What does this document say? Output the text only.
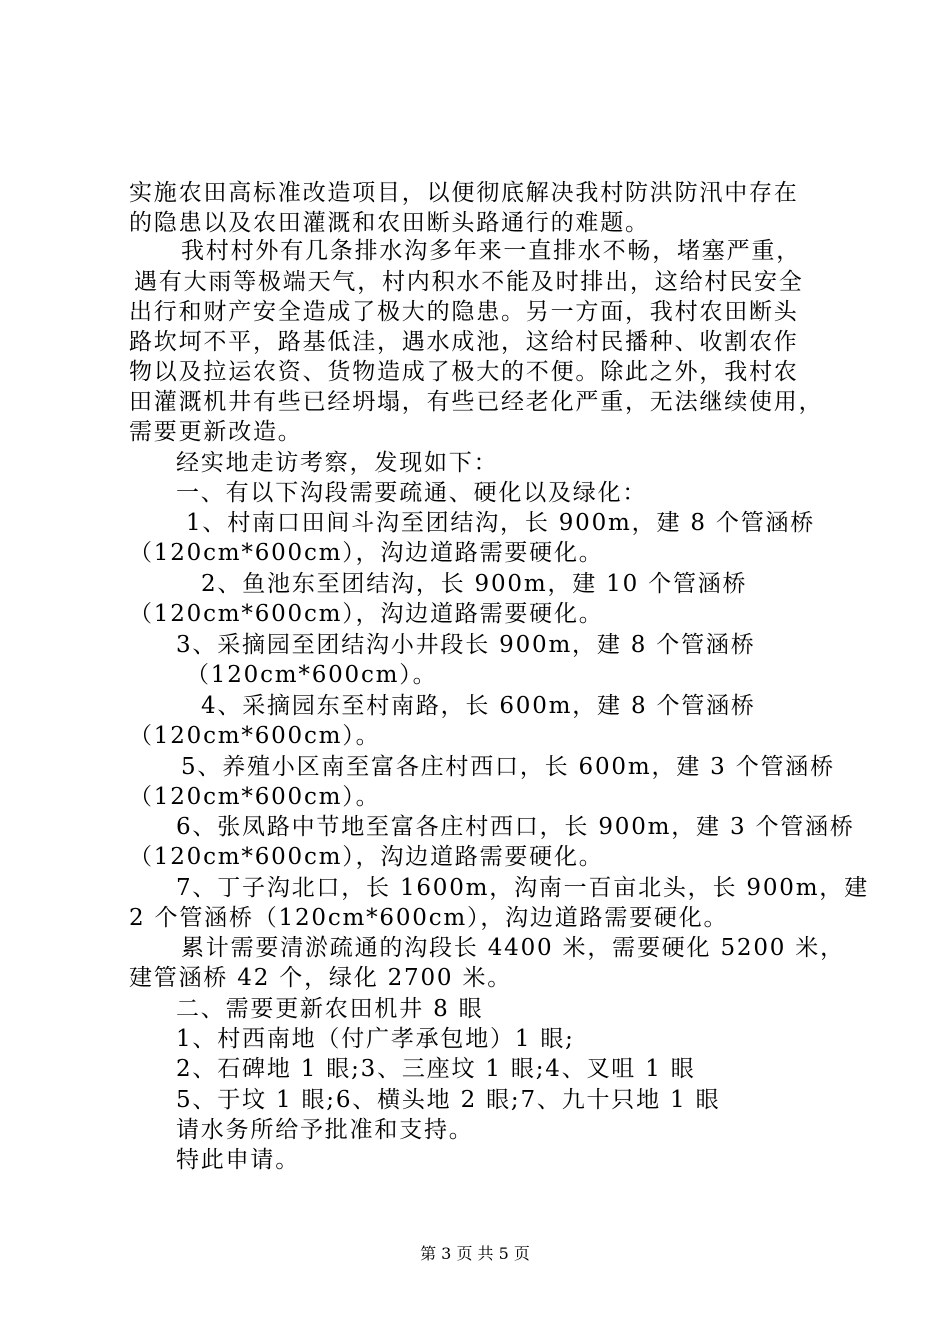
实施农田高标准改造项目，以便彻底解决我村防洪防汛中存在
的隐患以及农田灌溉和农田断头路通行的难题。
我村村外有几条排水沟多年来一直排水不畅，堵塞严重，
遇有大雨等极端天气，村内积水不能及时排出，这给村民安全
出行和财产安全造成了极大的隐患。另一方面，我村农田断头
路坎坷不平，路基低洼，遇水成池，这给村民播种、收割农作
物以及拉运农资、货物造成了极大的不便。除此之外，我村农
田灌溉机井有些已经坍塌，有些已经老化严重，无法继续使用，
需要更新改造。
经实地走访考察，发现如下：
一、有以下沟段需要疏通、硬化以及绿化：
1、村南口田间斗沟至团结沟，长 900m，建 8 个管涵桥
（120cm*600cm），沟边道路需要硬化。
2、鱼池东至团结沟，长 900m，建 10 个管涵桥
（120cm*600cm），沟边道路需要硬化。
3、采摘园至团结沟小井段长 900m，建 8 个管涵桥
（120cm*600cm）。
4、采摘园东至村南路，长 600m，建 8 个管涵桥
（120cm*600cm）。
5、养殖小区南至富各庄村西口，长 600m，建 3 个管涵桥
（120cm*600cm）。
6、张凤路中节地至富各庄村西口，长 900m，建 3 个管涵桥
（120cm*600cm），沟边道路需要硬化。
7、丁子沟北口，长 1600m，沟南一百亩北头，长 900m，建
2 个管涵桥（120cm*600cm），沟边道路需要硬化。
累计需要清淤疏通的沟段长 4400 米，需要硬化 5200 米，
建管涵桥 42 个，绿化 2700 米。
二、需要更新农田机井 8 眼
1、村西南地（付广孝承包地）1 眼;
2、石碑地 1 眼;3、三座坟 1 眼;4、叉咀 1 眼
5、于坟 1 眼;6、横头地 2 眼;7、九十只地 1 眼
请水务所给予批准和支持。
特此申请。
第 3 页 共 5 页
